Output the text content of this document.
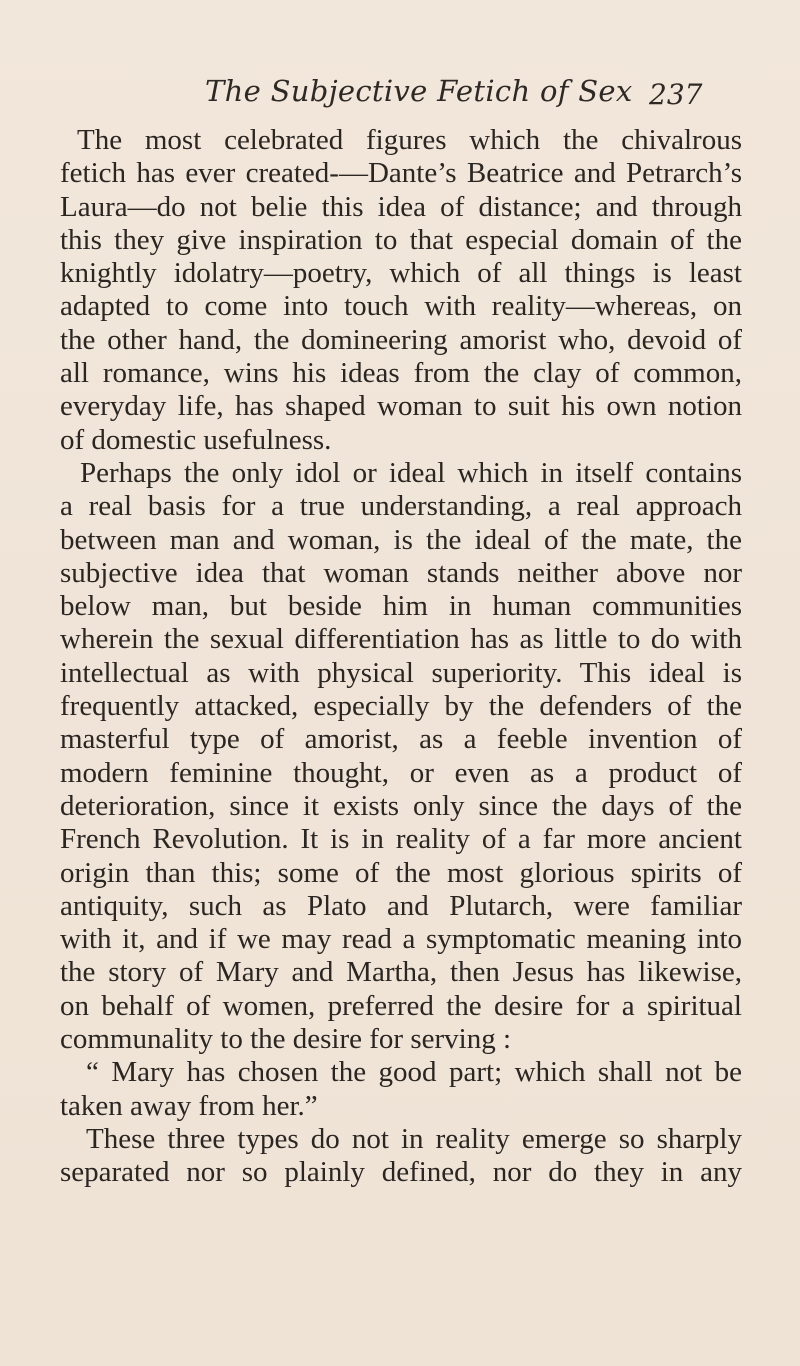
The Subjective Fetich of Sex 237
The most celebrated figures which the chivalrous
fetich has ever created-—Dante’s Beatrice and Petrarch’s
Laura—do not belie this idea of distance; and through
this they give inspiration to that especial domain of the
knightly idolatry—poetry, which of all things is least
adapted to come into touch with reality—whereas, on
the other hand, the domineering amorist who, devoid of
all romance, wins his ideas from the clay of common,
everyday life, has shaped woman to suit his own notion
of domestic usefulness.
Perhaps the only idol or ideal which in itself contains
a real basis for a true understanding, a real approach
between man and woman, is the ideal of the mate, the
subjective idea that woman stands neither above nor
below man, but beside him in human communities
wherein the sexual differentiation has as little to do with
intellectual as with physical superiority. This ideal is
frequently attacked, especially by the defenders of the
masterful type of amorist, as a feeble invention of
modern feminine thought, or even as a product of
deterioration, since it exists only since the days of the
French Revolution. It is in reality of a far more ancient
origin than this; some of the most glorious spirits of
antiquity, such as Plato and Plutarch, were familiar
with it, and if we may read a symptomatic meaning into
the story of Mary and Martha, then Jesus has likewise,
on behalf of women, preferred the desire for a spiritual
communality to the desire for serving :
“ Mary has chosen the good part; which shall not be
taken away from her.”
These three types do not in reality emerge so sharply
separated nor so plainly defined, nor do they in any
